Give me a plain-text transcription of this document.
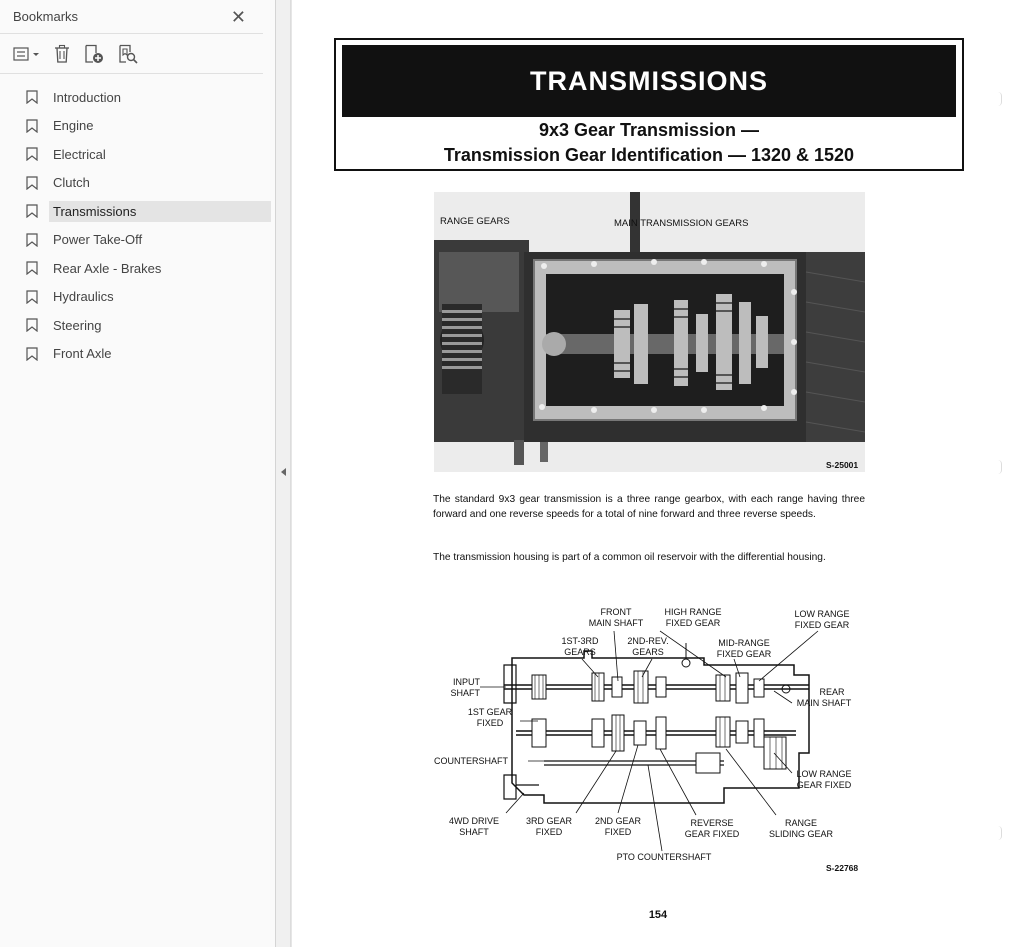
Bookmarks	✕
Introduction
Engine
Electrical
Clutch
Transmissions
Power Take-Off
Rear Axle - Brakes
Hydraulics
Steering
Front Axle
TRANSMISSIONS
9x3 Gear Transmission —
Transmission Gear Identification — 1320 & 1520
RANGE GEARS	MAIN TRANSMISSION GEARS
S-25001

The standard 9x3 gear transmission is a three range gearbox, with each range having three forward and one reverse speeds for a total of nine forward and three reverse speeds.

The transmission housing is part of a common oil reservoir with the differential housing.

FRONT
MAIN SHAFT
HIGH RANGE
FIXED GEAR
LOW RANGE
FIXED GEAR
1ST-3RD
GEARS
2ND-REV.
GEARS
MID-RANGE
FIXED GEAR
INPUT
SHAFT	REAR
MAIN SHAFT
1ST GEAR
FIXED
COUNTERSHAFT
LOW RANGE
GEAR FIXED
4WD DRIVE
SHAFT
3RD GEAR
FIXED
2ND GEAR
FIXED
REVERSE
GEAR FIXED
RANGE
SLIDING GEAR
PTO COUNTERSHAFT
S-22768
154
